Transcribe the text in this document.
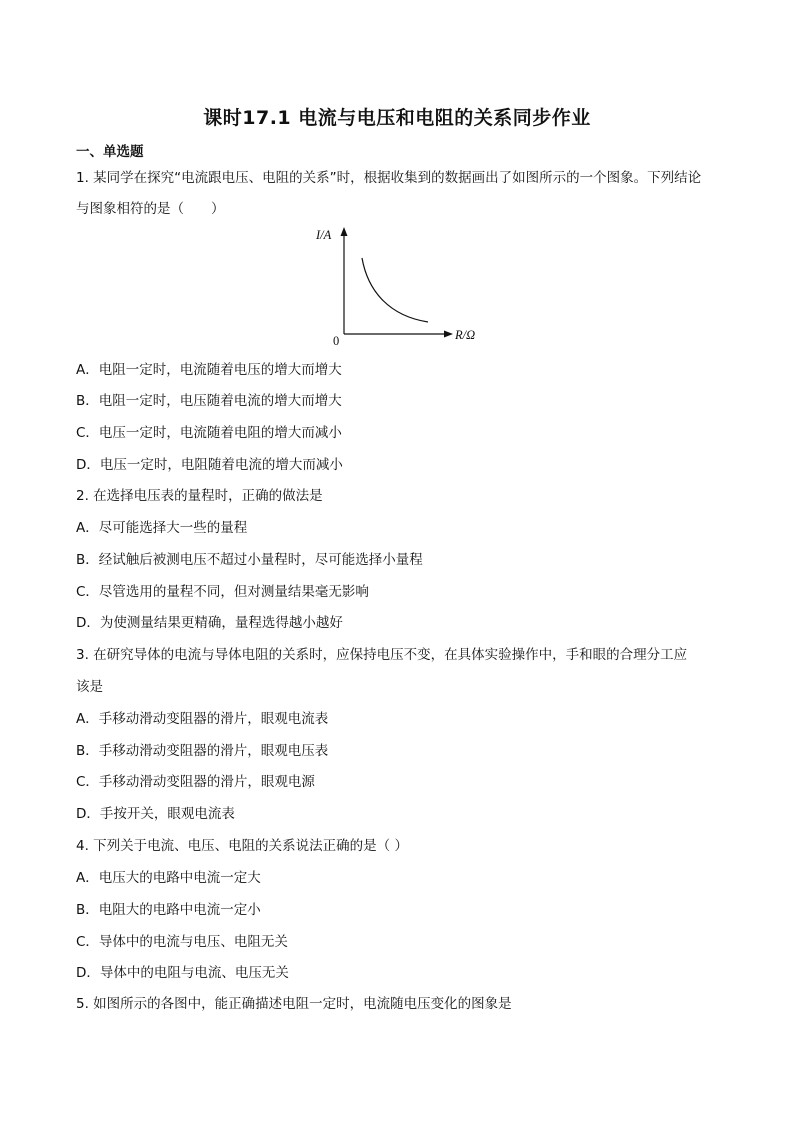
课时17.1 电流与电压和电阻的关系同步作业
一、单选题
1. 某同学在探究“电流跟电压、电阻的关系”时，根据收集到的数据画出了如图所示的一个图象。下列结论
与图象相符的是（　　）
I/A
R/Ω
0
A．电阻一定时，电流随着电压的增大而增大
B．电阻一定时，电压随着电流的增大而增大
C．电压一定时，电流随着电阻的增大而减小
D．电压一定时，电阻随着电流的增大而减小
2. 在选择电压表的量程时，正确的做法是
A．尽可能选择大一些的量程
B．经试触后被测电压不超过小量程时，尽可能选择小量程
C．尽管选用的量程不同，但对测量结果毫无影响
D．为使测量结果更精确，量程选得越小越好
3. 在研究导体的电流与导体电阻的关系时，应保持电压不变，在具体实验操作中，手和眼的合理分工应
该是
A．手移动滑动变阻器的滑片，眼观电流表
B．手移动滑动变阻器的滑片，眼观电压表
C．手移动滑动变阻器的滑片，眼观电源
D．手按开关，眼观电流表
4. 下列关于电流、电压、电阻的关系说法正确的是（ ）
A．电压大的电路中电流一定大
B．电阻大的电路中电流一定小
C．导体中的电流与电压、电阻无关
D．导体中的电阻与电流、电压无关
5. 如图所示的各图中，能正确描述电阻一定时，电流随电压变化的图象是
